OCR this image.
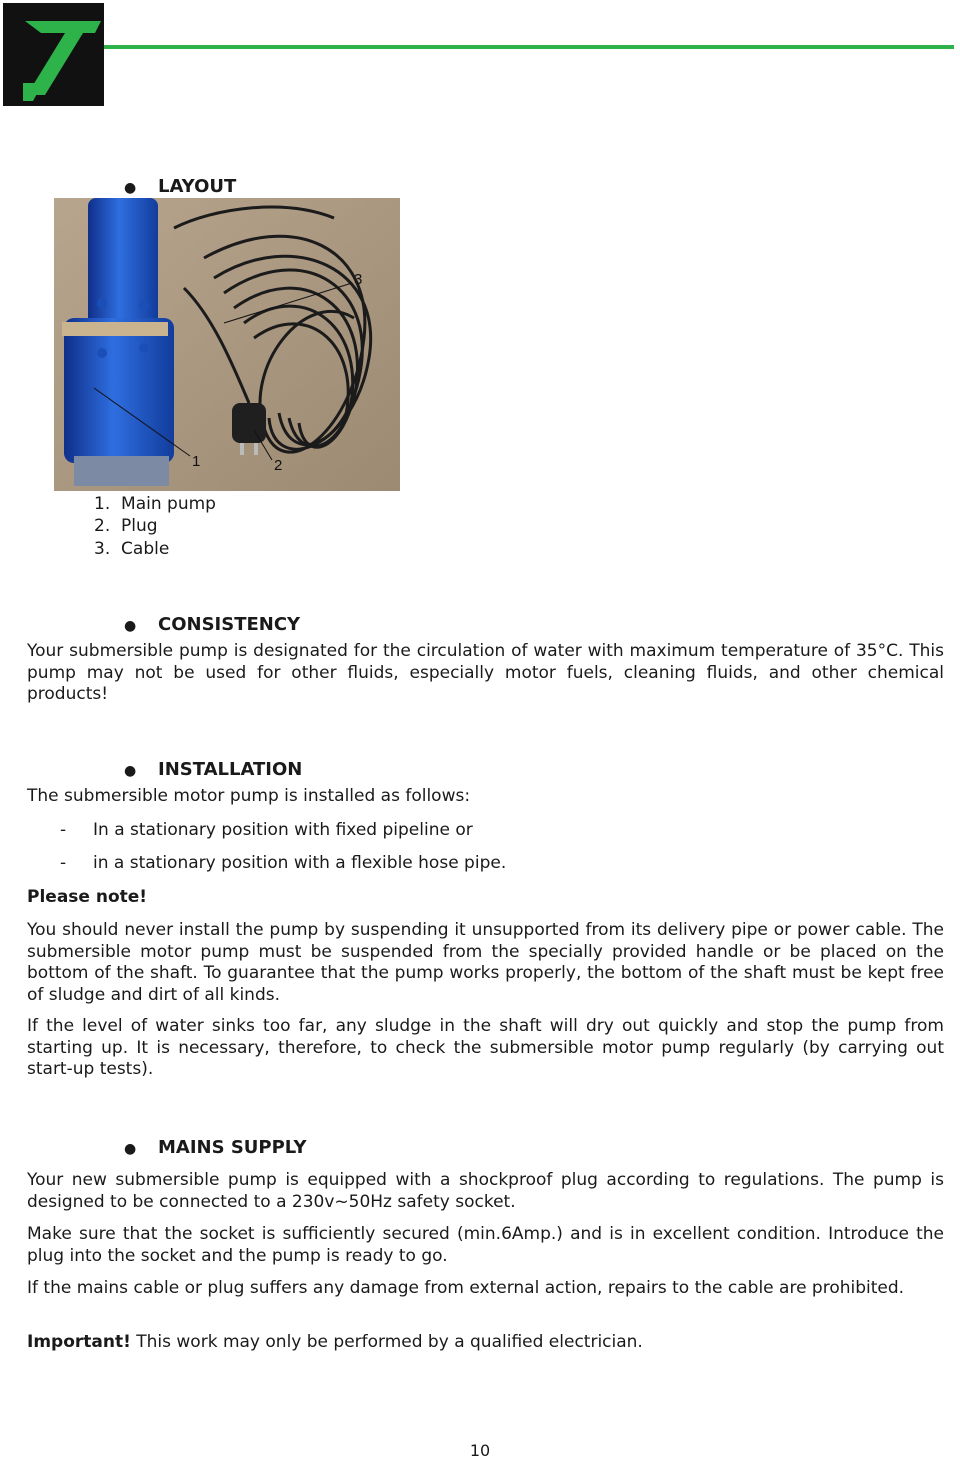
● LAYOUT
1	2
3
1. Main pump
2. Plug
3. Cable
● CONSISTENCY
Your submersible pump is designated for the circulation of water with maximum temperature of 35°C. This pump may not be used for other fluids, especially motor fuels, cleaning fluids, and other chemical products!
● INSTALLATION
The submersible motor pump is installed as follows:
- In a stationary position with fixed pipeline or
- in a stationary position with a flexible hose pipe.
Please note!
You should never install the pump by suspending it unsupported from its delivery pipe or power cable. The submersible motor pump must be suspended from the specially provided handle or be placed on the bottom of the shaft. To guarantee that the pump works properly, the bottom of the shaft must be kept free of sludge and dirt of all kinds.
If the level of water sinks too far, any sludge in the shaft will dry out quickly and stop the pump from starting up. It is necessary, therefore, to check the submersible motor pump regularly (by carrying out start-up tests).
● MAINS SUPPLY
Your new submersible pump is equipped with a shockproof plug according to regulations. The pump is designed to be connected to a 230v~50Hz safety socket.
Make sure that the socket is sufficiently secured (min.6Amp.) and is in excellent condition. Introduce the plug into the socket and the pump is ready to go.
If the mains cable or plug suffers any damage from external action, repairs to the cable are prohibited.
Important! This work may only be performed by a qualified electrician.
10
